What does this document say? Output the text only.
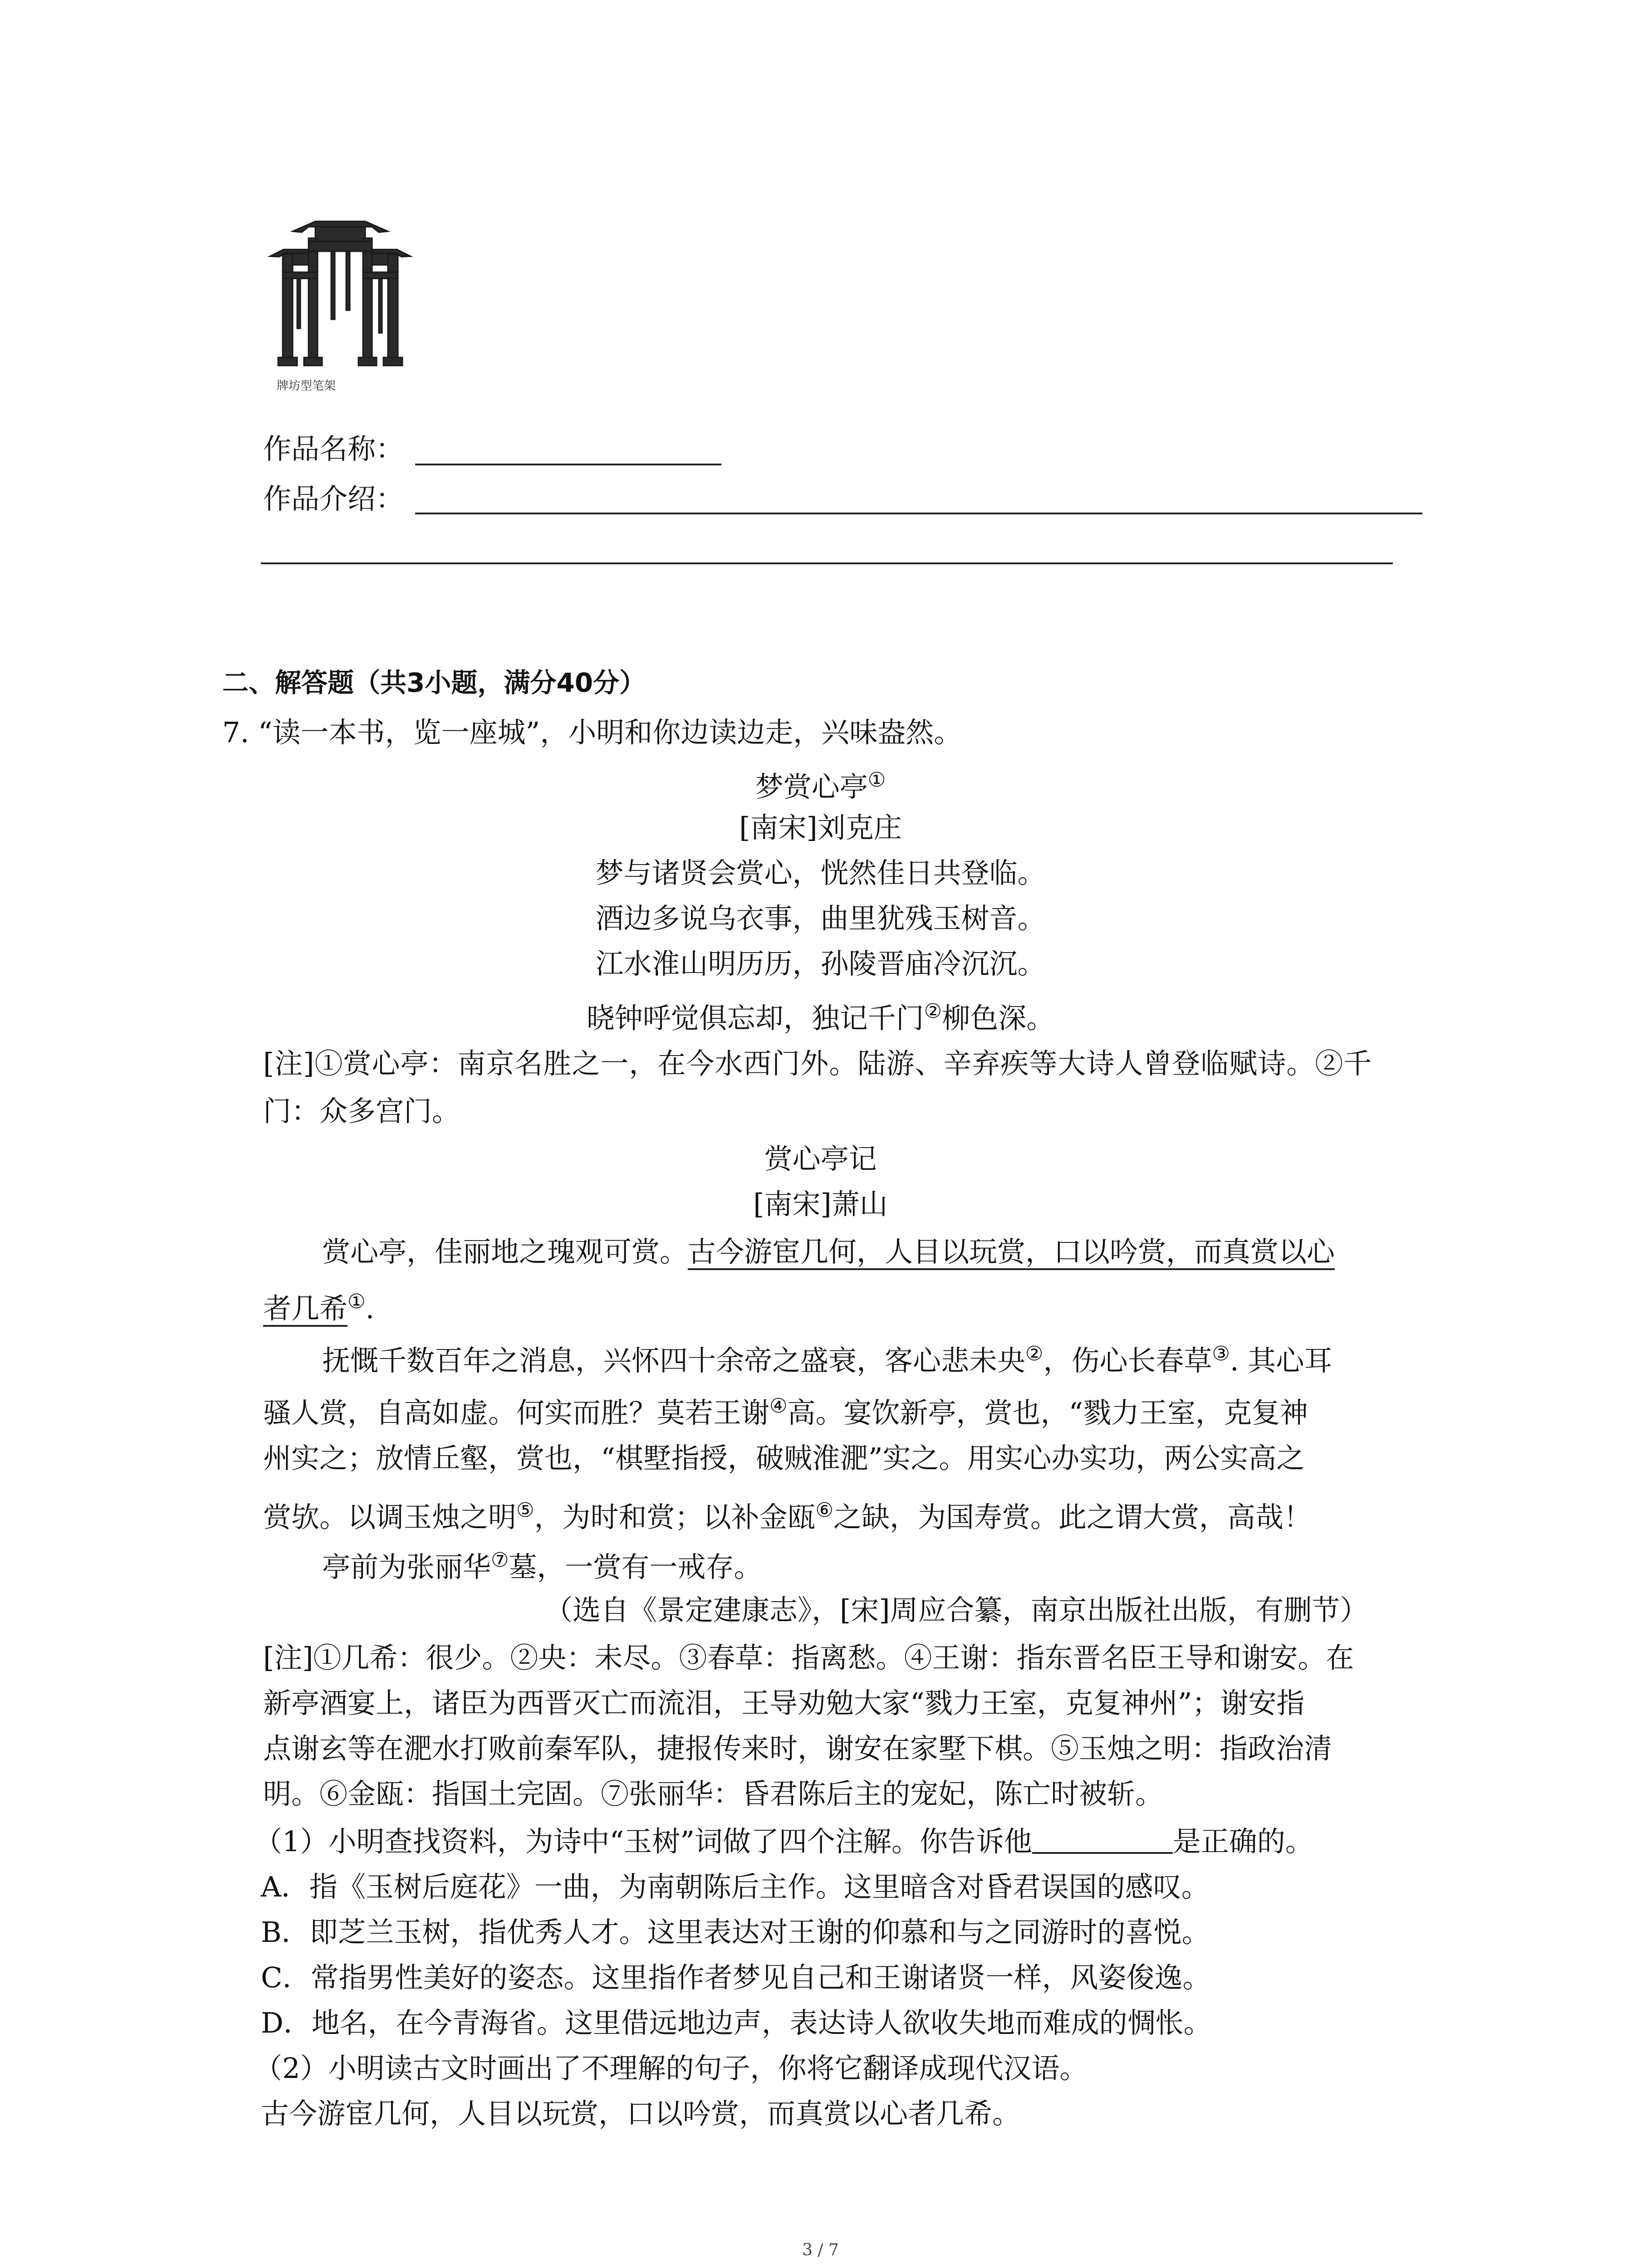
牌坊型笔架
作品名称：
作品介绍：
二、解答题（共3小题，满分40分）
7. “读一本书，览一座城”，小明和你边读边走，兴味盎然。
梦赏心亭①
[南宋]刘克庄
梦与诸贤会赏心，恍然佳日共登临。
酒边多说乌衣事，曲里犹残玉树音。
江水淮山明历历，孙陵晋庙冷沉沉。
晓钟呼觉俱忘却，独记千门②柳色深。
[注]①赏心亭：南京名胜之一，在今水西门外。陆游、辛弃疾等大诗人曾登临赋诗。②千
门：众多宫门。
赏心亭记
[南宋]萧山
赏心亭，佳丽地之瑰观可赏。古今游宦几何，人目以玩赏，口以吟赏，而真赏以心
者几希①.
抚慨千数百年之消息，兴怀四十余帝之盛衰，客心悲未央②，伤心长春草③. 其心耳
骚人赏，自高如虚。何实而胜？莫若王谢④高。宴饮新亭，赏也，“戮力王室，克复神
州实之；放情丘壑，赏也，“棋墅指授，破贼淮淝”实之。用实心办实功，两公实高之
赏欤。以调玉烛之明⑤，为时和赏；以补金瓯⑥之缺，为国寿赏。此之谓大赏，高哉！
亭前为张丽华⑦墓，一赏有一戒存。
（选自《景定建康志》，[宋]周应合纂，南京出版社出版，有删节）
[注]①几希：很少。②央：未尽。③春草：指离愁。④王谢：指东晋名臣王导和谢安。在
新亭酒宴上，诸臣为西晋灭亡而流泪，王导劝勉大家“戮力王室，克复神州”；谢安指
点谢玄等在淝水打败前秦军队，捷报传来时，谢安在家墅下棋。⑤玉烛之明：指政治清
明。⑥金瓯：指国土完固。⑦张丽华：昏君陈后主的宠妃，陈亡时被斩。
（1）小明查找资料，为诗中“玉树”词做了四个注解。你告诉他	是正确的。
A．指《玉树后庭花》一曲，为南朝陈后主作。这里暗含对昏君误国的感叹。
B．即芝兰玉树，指优秀人才。这里表达对王谢的仰慕和与之同游时的喜悦。
C．常指男性美好的姿态。这里指作者梦见自己和王谢诸贤一样，风姿俊逸。
D．地名，在今青海省。这里借远地边声，表达诗人欲收失地而难成的惆怅。
（2）小明读古文时画出了不理解的句子，你将它翻译成现代汉语。
古今游宦几何，人目以玩赏，口以吟赏，而真赏以心者几希。
3 / 7
